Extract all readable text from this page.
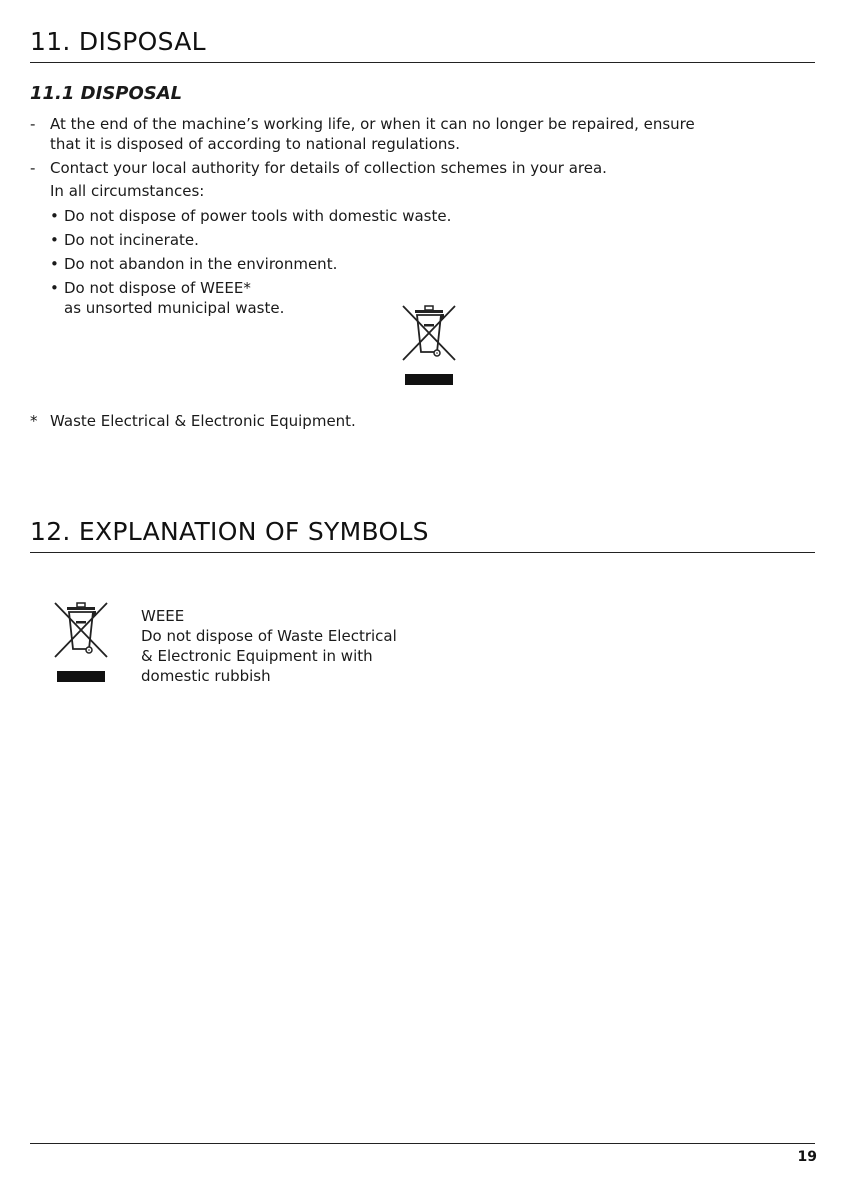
11. DISPOSAL
11.1 DISPOSAL
- At the end of the machine’s working life, or when it can no longer be repaired, ensure
that it is disposed of according to national regulations.
- Contact your local authority for details of collection schemes in your area.
In all circumstances:
• Do not dispose of power tools with domestic waste.
• Do not incinerate.
• Do not abandon in the environment.
• Do not dispose of WEEE*
as unsorted municipal waste.
* Waste Electrical & Electronic Equipment.
12. EXPLANATION OF SYMBOLS
WEEE
Do not dispose of Waste Electrical
& Electronic Equipment in with
domestic rubbish
19
